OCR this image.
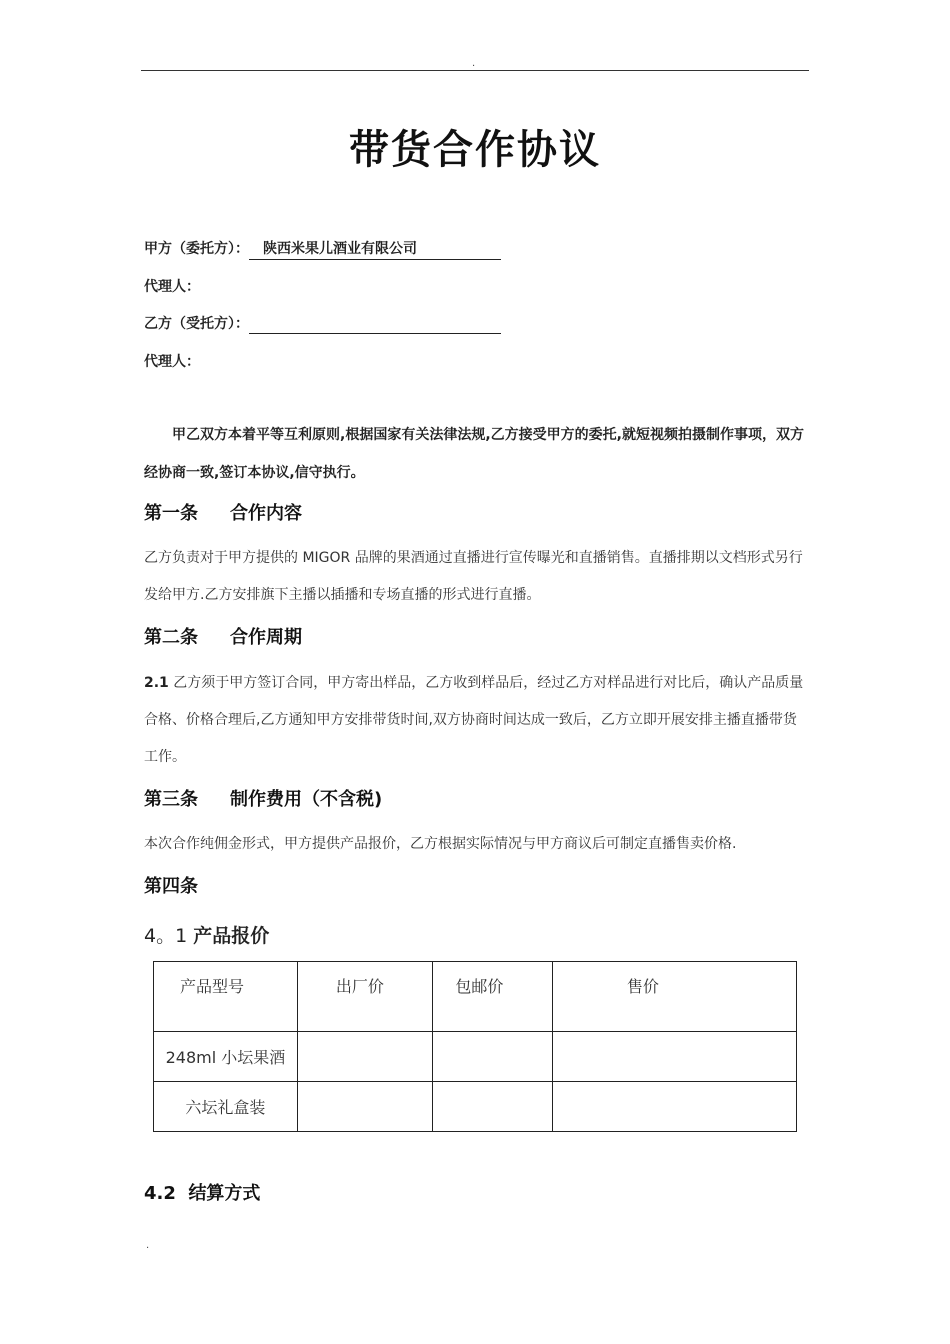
.
带货合作协议
甲方（委托方）： 陕西米果儿酒业有限公司
代理人：
乙方（受托方）：
代理人：
甲乙双方本着平等互利原则,根据国家有关法律法规,乙方接受甲方的委托,就短视频拍摄制作事项，双方经协商一致,签订本协议,信守执行。
第一条 合作内容
乙方负责对于甲方提供的 MIGOR 品牌的果酒通过直播进行宣传曝光和直播销售。直播排期以文档形式另行发给甲方.乙方安排旗下主播以插播和专场直播的形式进行直播。
第二条 合作周期
2.1 乙方须于甲方签订合同，甲方寄出样品，乙方收到样品后，经过乙方对样品进行对比后，确认产品质量合格、价格合理后,乙方通知甲方安排带货时间,双方协商时间达成一致后，乙方立即开展安排主播直播带货工作。
第三条 制作费用（不含税)
本次合作纯佣金形式，甲方提供产品报价，乙方根据实际情况与甲方商议后可制定直播售卖价格.
第四条
4。1 产品报价
产品型号	出厂价	包邮价	售价
248ml 小坛果酒			
六坛礼盒装			
4.2 结算方式
.
